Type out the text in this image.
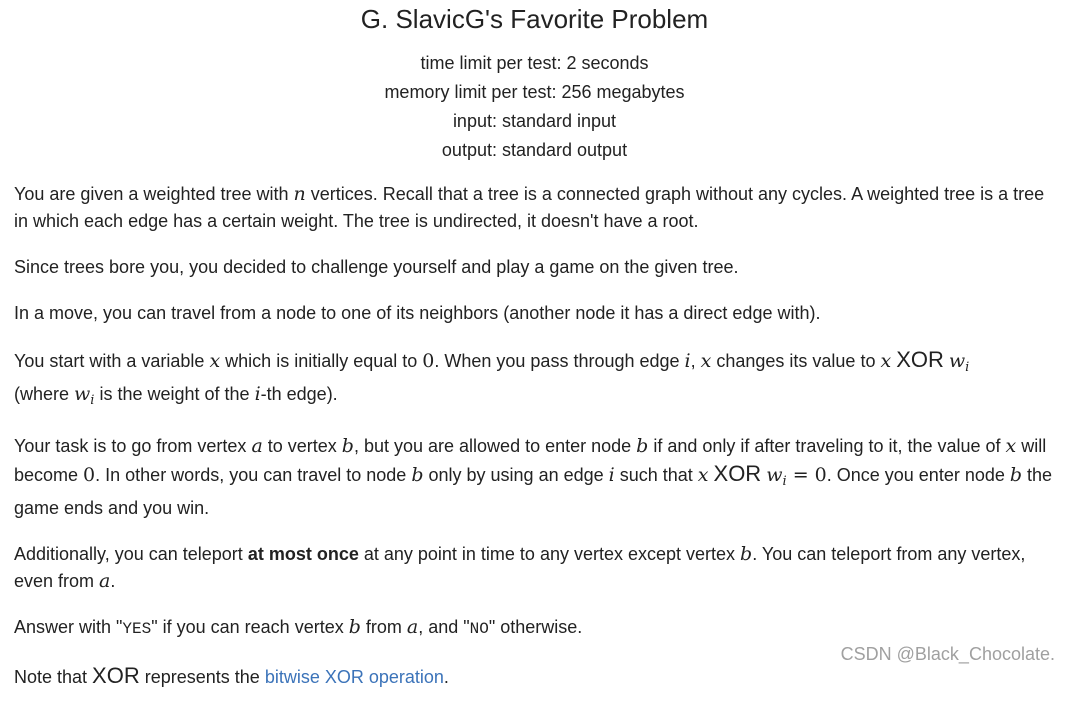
G. SlavicG's Favorite Problem
time limit per test: 2 seconds
memory limit per test: 256 megabytes
input: standard input
output: standard output

You are given a weighted tree with n vertices. Recall that a tree is a connected graph without any cycles. A weighted tree is a tree in which each edge has a certain weight. The tree is undirected, it doesn't have a root.

Since trees bore you, you decided to challenge yourself and play a game on the given tree.

In a move, you can travel from a node to one of its neighbors (another node it has a direct edge with).

You start with a variable x which is initially equal to 0. When you pass through edge i, x changes its value to x XOR $w_i$
(where $w_i$ is the weight of the i-th edge).

Your task is to go from vertex a to vertex b, but you are allowed to enter node b if and only if after traveling to it, the value of x will become 0. In other words, you can travel to node b only by using an edge i such that x XOR $w_i = 0$. Once you enter node b the game ends and you win.

Additionally, you can teleport at most once at any point in time to any vertex except vertex b. You can teleport from any vertex, even from a.

Answer with "YES" if you can reach vertex b from a, and "NO" otherwise.

Note that XOR represents the bitwise XOR operation.

CSDN @Black_Chocolate.
